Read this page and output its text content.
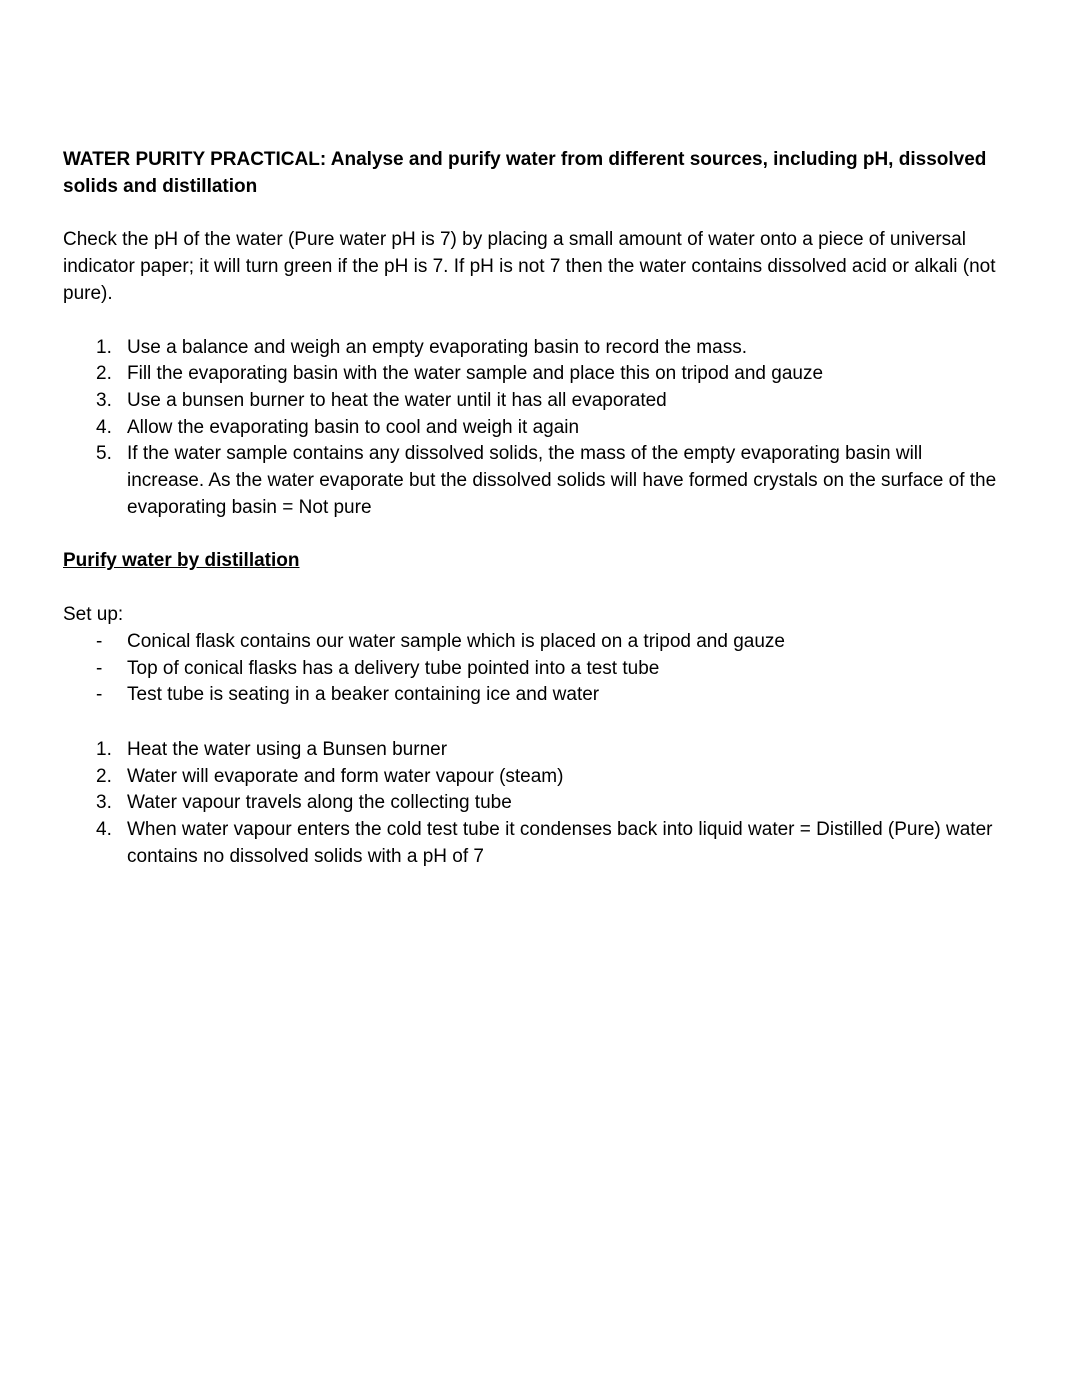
WATER PURITY PRACTICAL: Analyse and purify water from different sources, including pH, dissolved solids and distillation

Check the pH of the water (Pure water pH is 7) by placing a small amount of water onto a piece of universal indicator paper; it will turn green if the pH is 7. If pH is not 7 then the water contains dissolved acid or alkali (not pure).

1. Use a balance and weigh an empty evaporating basin to record the mass.
2. Fill the evaporating basin with the water sample and place this on tripod and gauze
3. Use a bunsen burner to heat the water until it has all evaporated
4. Allow the evaporating basin to cool and weigh it again
5. If the water sample contains any dissolved solids, the mass of the empty evaporating basin will increase. As the water evaporate but the dissolved solids will have formed crystals on the surface of the evaporating basin = Not pure
Purify water by distillation

Set up:

- Conical flask contains our water sample which is placed on a tripod and gauze
- Top of conical flasks has a delivery tube pointed into a test tube
- Test tube is seating in a beaker containing ice and water
1. Heat the water using a Bunsen burner
2. Water will evaporate and form water vapour (steam)
3. Water vapour travels along the collecting tube
4. When water vapour enters the cold test tube it condenses back into liquid water = Distilled (Pure) water contains no dissolved solids with a pH of 7
